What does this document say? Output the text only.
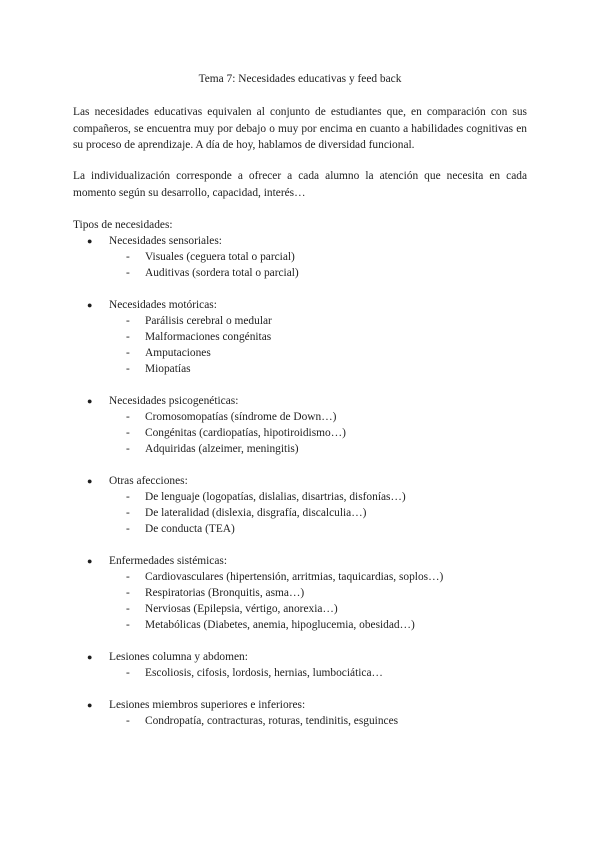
Tema 7: Necesidades educativas y feed back

Las necesidades educativas equivalen al conjunto de estudiantes que, en comparación con sus compañeros, se encuentra muy por debajo o muy por encima en cuanto a habilidades cognitivas en su proceso de aprendizaje. A día de hoy, hablamos de diversidad funcional.

La individualización corresponde a ofrecer a cada alumno la atención que necesita en cada momento según su desarrollo, capacidad, interés…

Tipos de necesidades:
● Necesidades sensoriales:
- Visuales (ceguera total o parcial)
- Auditivas (sordera total o parcial)
● Necesidades motóricas:
- Parálisis cerebral o medular
- Malformaciones congénitas
- Amputaciones
- Miopatías
● Necesidades psicogenéticas:
- Cromosomopatías (síndrome de Down…)
- Congénitas (cardiopatías, hipotiroidismo…)
- Adquiridas (alzeimer, meningitis)
● Otras afecciones:
- De lenguaje (logopatías, dislalias, disartrias, disfonías…)
- De lateralidad (dislexia, disgrafía, discalculia…)
- De conducta (TEA)
● Enfermedades sistémicas:
- Cardiovasculares (hipertensión, arritmias, taquicardias, soplos…)
- Respiratorias (Bronquitis, asma…)
- Nerviosas (Epilepsia, vértigo, anorexia…)
- Metabólicas (Diabetes, anemia, hipoglucemia, obesidad…)
● Lesiones columna y abdomen:
- Escoliosis, cifosis, lordosis, hernias, lumbociática…
● Lesiones miembros superiores e inferiores:
- Condropatía, contracturas, roturas, tendinitis, esguinces
